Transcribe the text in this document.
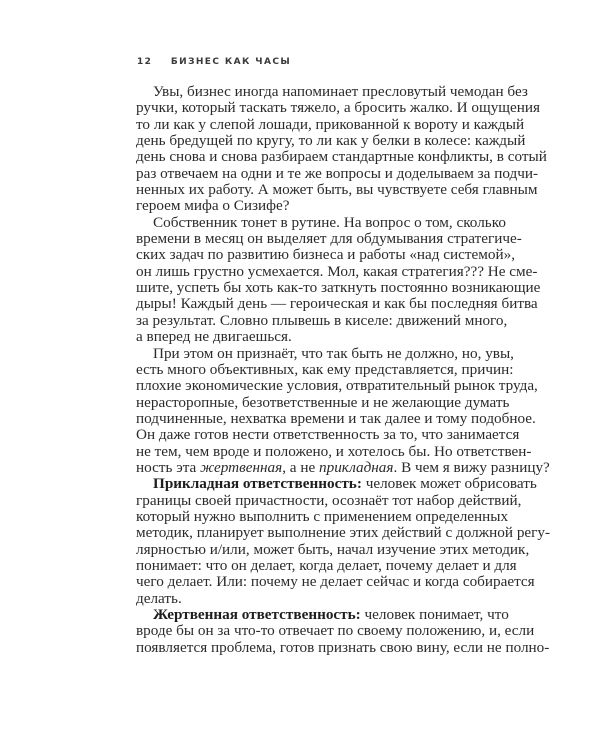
12 БИЗНЕС КАК ЧАСЫ
Увы, бизнес иногда напоминает пресловутый чемодан без
ручки, который таскать тяжело, а бросить жалко. И ощущения
то ли как у слепой лошади, прикованной к вороту и каждый
день бредущей по кругу, то ли как у белки в колесе: каждый
день снова и снова разбираем стандартные конфликты, в сотый
раз отвечаем на одни и те же вопросы и доделываем за подчи-
ненных их работу. А может быть, вы чувствуете себя главным
героем мифа о Сизифе?
Собственник тонет в рутине. На вопрос о том, сколько
времени в месяц он выделяет для обдумывания стратегиче-
ских задач по развитию бизнеса и работы «над системой»,
он лишь грустно усмехается. Мол, какая стратегия??? Не сме-
шите, успеть бы хоть как-то заткнуть постоянно возникающие
дыры! Каждый день — героическая и как бы последняя битва
за результат. Словно плывешь в киселе: движений много,
а вперед не двигаешься.
При этом он признаёт, что так быть не должно, но, увы,
есть много объективных, как ему представляется, причин:
плохие экономические условия, отвратительный рынок труда,
нерасторопные, безответственные и не желающие думать
подчиненные, нехватка времени и так далее и тому подобное.
Он даже готов нести ответственность за то, что занимается
не тем, чем вроде и положено, и хотелось бы. Но ответствен-
ность эта жертвенная, а не прикладная. В чем я вижу разницу?
Прикладная ответственность: человек может обрисовать
границы своей причастности, осознаёт тот набор действий,
который нужно выполнить с применением определенных
методик, планирует выполнение этих действий с должной регу-
лярностью и/или, может быть, начал изучение этих методик,
понимает: что он делает, когда делает, почему делает и для
чего делает. Или: почему не делает сейчас и когда собирается
делать.
Жертвенная ответственность: человек понимает, что
вроде бы он за что-то отвечает по своему положению, и, если
появляется проблема, готов признать свою вину, если не полно-
